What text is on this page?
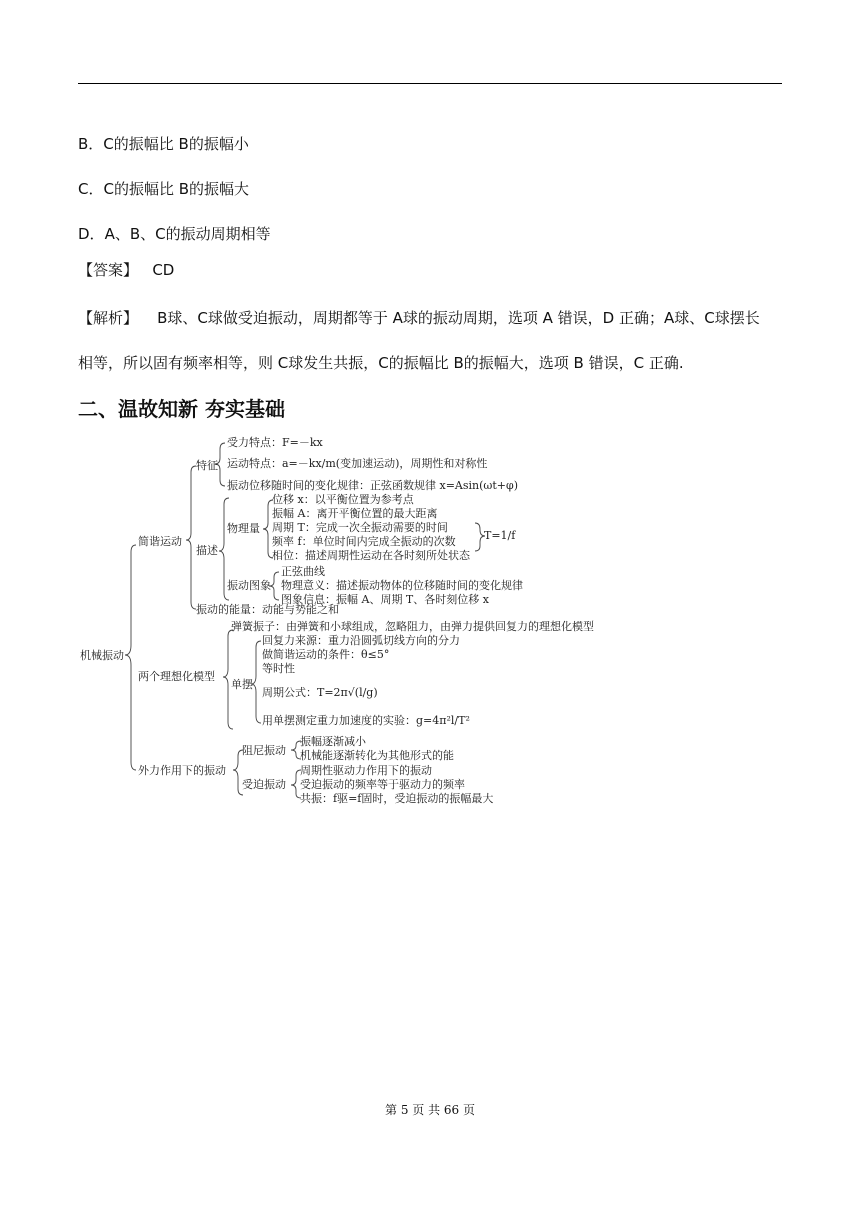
B．C的振幅比 B的振幅小
C．C的振幅比 B的振幅大
D．A、B、C的振动周期相等
【答案】 CD
【解析】 B球、C球做受迫振动，周期都等于 A球的振动周期，选项 A 错误，D 正确；A球、C球摆长
相等，所以固有频率相等，则 C球发生共振，C的振幅比 B的振幅大，选项 B 错误，C 正确.
二、温故知新 夯实基础
机械振动
简谐运动
特征
受力特点：F=－kx
运动特点：a=－kx/m(变加速运动)，周期性和对称性
振动位移随时间的变化规律：正弦函数规律 x=Asin(ωt+φ)
描述
物理量
位移 x：以平衡位置为参考点
振幅 A：离开平衡位置的最大距离
周期 T：完成一次全振动需要的时间
频率 f：单位时间内完成全振动的次数
相位：描述周期性运动在各时刻所处状态
T=1/f
振动图象
正弦曲线
物理意义：描述振动物体的位移随时间的变化规律
图象信息：振幅 A、周期 T、各时刻位移 x
振动的能量：动能与势能之和
两个理想化模型
弹簧振子：由弹簧和小球组成，忽略阻力，由弹力提供回复力的理想化模型
单摆
回复力来源：重力沿圆弧切线方向的分力
做简谐运动的条件：θ≤5°
等时性
周期公式：T=2π√(l/g)
用单摆测定重力加速度的实验：g=4π²l/T²
外力作用下的振动
阻尼振动
振幅逐渐减小
机械能逐渐转化为其他形式的能
受迫振动
周期性驱动力作用下的振动
受迫振动的频率等于驱动力的频率
共振：f驱=f固时，受迫振动的振幅最大
第 5 页 共 66 页
